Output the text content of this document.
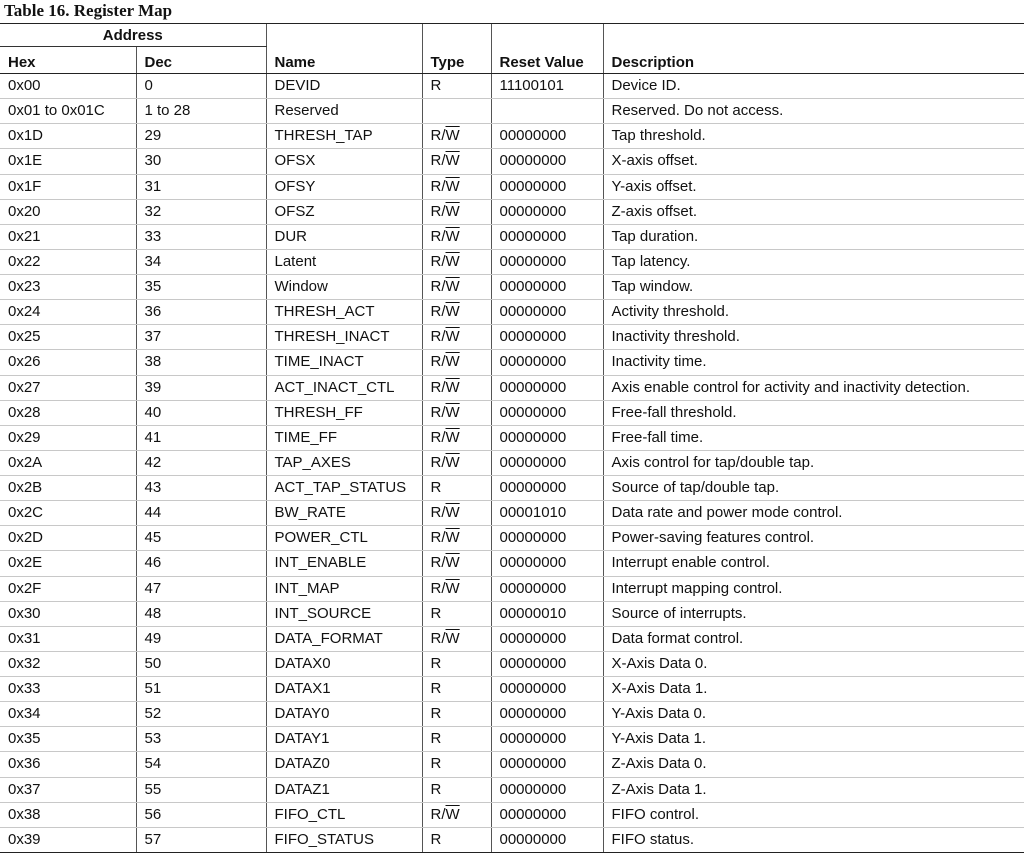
Table 16. Register Map
Address		Name	Type	Reset Value	Description
Hex	Dec				
0x00	0	DEVID	R	11100101	Device ID.
0x01 to 0x01C	1 to 28	Reserved			Reserved. Do not access.
0x1D	29	THRESH_TAP	$R/\overline{W}$	00000000	Tap threshold.
0x1E	30	OFSX	$R/\overline{W}$	00000000	X-axis offset.
0x1F	31	OFSY	$R/\overline{W}$	00000000	Y-axis offset.
0x20	32	OFSZ	$R/\overline{W}$	00000000	Z-axis offset.
0x21	33	DUR	$R/\overline{W}$	00000000	Tap duration.
0x22	34	Latent	$R/\overline{W}$	00000000	Tap latency.
0x23	35	Window	$R/\overline{W}$	00000000	Tap window.
0x24	36	THRESH_ACT	$R/\overline{W}$	00000000	Activity threshold.
0x25	37	THRESH_INACT	$R/\overline{W}$	00000000	Inactivity threshold.
0x26	38	TIME_INACT	$R/\overline{W}$	00000000	Inactivity time.
0x27	39	ACT_INACT_CTL	$R/\overline{W}$	00000000	Axis enable control for activity and inactivity detection.
0x28	40	THRESH_FF	$R/\overline{W}$	00000000	Free-fall threshold.
0x29	41	TIME_FF	$R/\overline{W}$	00000000	Free-fall time.
0x2A	42	TAP_AXES	$R/\overline{W}$	00000000	Axis control for tap/double tap.
0x2B	43	ACT_TAP_STATUS	R	00000000	Source of tap/double tap.
0x2C	44	BW_RATE	$R/\overline{W}$	00001010	Data rate and power mode control.
0x2D	45	POWER_CTL	$R/\overline{W}$	00000000	Power-saving features control.
0x2E	46	INT_ENABLE	$R/\overline{W}$	00000000	Interrupt enable control.
0x2F	47	INT_MAP	$R/\overline{W}$	00000000	Interrupt mapping control.
0x30	48	INT_SOURCE	R	00000010	Source of interrupts.
0x31	49	DATA_FORMAT	$R/\overline{W}$	00000000	Data format control.
0x32	50	DATAX0	R	00000000	X-Axis Data 0.
0x33	51	DATAX1	R	00000000	X-Axis Data 1.
0x34	52	DATAY0	R	00000000	Y-Axis Data 0.
0x35	53	DATAY1	R	00000000	Y-Axis Data 1.
0x36	54	DATAZ0	R	00000000	Z-Axis Data 0.
0x37	55	DATAZ1	R	00000000	Z-Axis Data 1.
0x38	56	FIFO_CTL	$R/\overline{W}$	00000000	FIFO control.
0x39	57	FIFO_STATUS	R	00000000	FIFO status.
